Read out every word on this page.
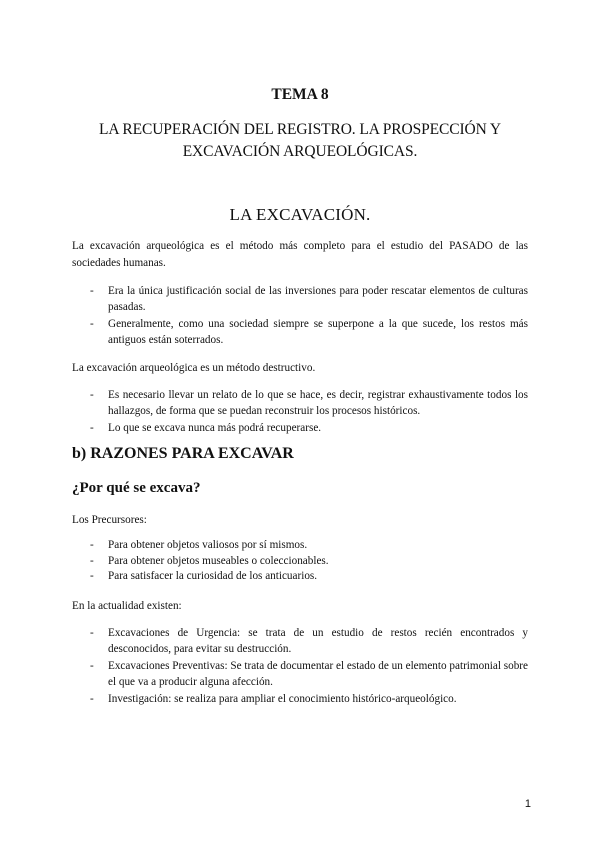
TEMA 8
LA RECUPERACIÓN DEL REGISTRO. LA PROSPECCIÓN Y
EXCAVACIÓN ARQUEOLÓGICAS.
LA EXCAVACIÓN.

La excavación arqueológica es el método más completo para el estudio del PASADO de las sociedades humanas.

- Era la única justificación social de las inversiones para poder rescatar elementos de culturas pasadas.
- Generalmente, como una sociedad siempre se superpone a la que sucede, los restos más antiguos están soterrados.

La excavación arqueológica es un método destructivo.

- Es necesario llevar un relato de lo que se hace, es decir, registrar exhaustivamente todos los hallazgos, de forma que se puedan reconstruir los procesos históricos.
- Lo que se excava nunca más podrá recuperarse.
b) RAZONES PARA EXCAVAR
¿Por qué se excava?

Los Precursores:

- Para obtener objetos valiosos por sí mismos.
- Para obtener objetos museables o coleccionables.
- Para satisfacer la curiosidad de los anticuarios.

En la actualidad existen:

- Excavaciones de Urgencia: se trata de un estudio de restos recién encontrados y desconocidos, para evitar su destrucción.
- Excavaciones Preventivas: Se trata de documentar el estado de un elemento patrimonial sobre el que va a producir alguna afección.
- Investigación: se realiza para ampliar el conocimiento histórico-arqueológico.
1
